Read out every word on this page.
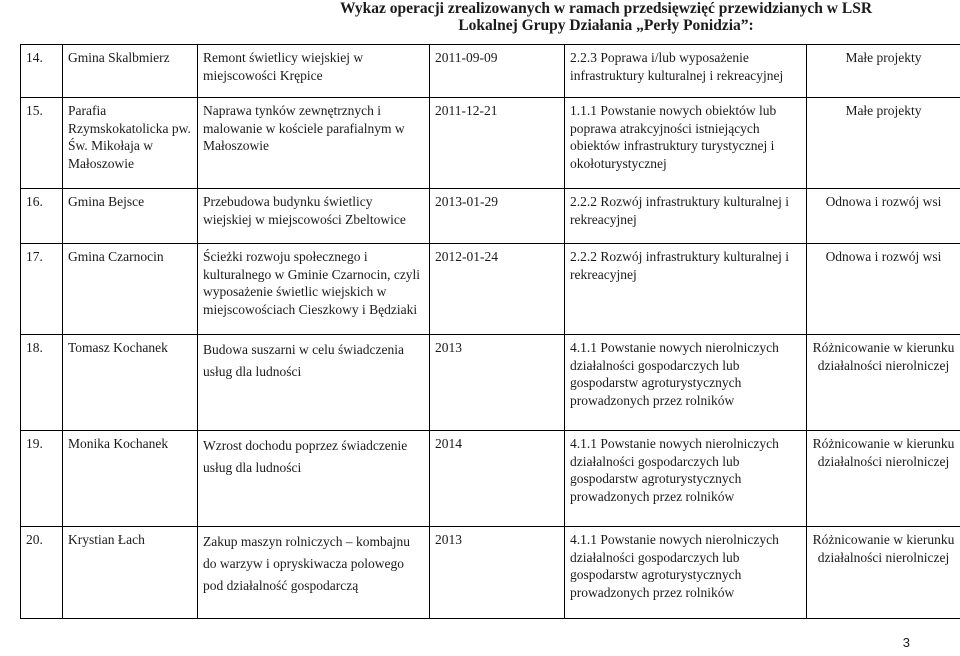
Wykaz operacji zrealizowanych w ramach przedsięwzięć przewidzianych w LSR
Lokalnej Grupy Działania „Perły Ponidzia”:
14.	Gmina Skalbmierz	Remont świetlicy wiejskiej w miejscowości Krępice	2011-09-09	2.2.3 Poprawa i/lub wyposażenie infrastruktury kulturalnej i rekreacyjnej	Małe projekty

15.	Parafia Rzymskokatolicka pw. Św. Mikołaja w Małoszowie	Naprawa tynków zewnętrznych i malowanie w kościele parafialnym w Małoszowie	2011-12-21	1.1.1 Powstanie nowych obiektów lub poprawa atrakcyjności istniejących obiektów infrastruktury turystycznej i okołoturystycznej	Małe projekty

16.	Gmina Bejsce	Przebudowa budynku świetlicy wiejskiej w miejscowości Zbeltowice	2013-01-29	2.2.2 Rozwój infrastruktury kulturalnej i rekreacyjnej	Odnowa i rozwój wsi

17.	Gmina Czarnocin	Ścieżki rozwoju społecznego i kulturalnego w Gminie Czarnocin, czyli wyposażenie świetlic wiejskich w miejscowościach Cieszkowy i Będziaki	2012-01-24	2.2.2 Rozwój infrastruktury kulturalnej i rekreacyjnej	Odnowa i rozwój wsi

18.	Tomasz Kochanek	Budowa suszarni w celu świadczenia usług dla ludności	2013	4.1.1 Powstanie nowych nierolniczych działalności gospodarczych lub gospodarstw agroturystycznych prowadzonych przez rolników	Różnicowanie w kierunku działalności nierolniczej

19.	Monika Kochanek	Wzrost dochodu poprzez świadczenie usług dla ludności	2014	4.1.1 Powstanie nowych nierolniczych działalności gospodarczych lub gospodarstw agroturystycznych prowadzonych przez rolników	Różnicowanie w kierunku działalności nierolniczej

20.	Krystian Łach	Zakup maszyn rolniczych – kombajnu do warzyw i opryskiwacza polowego pod działalność gospodarczą	2013	4.1.1 Powstanie nowych nierolniczych działalności gospodarczych lub gospodarstw agroturystycznych prowadzonych przez rolników	Różnicowanie w kierunku działalności nierolniczej
3
